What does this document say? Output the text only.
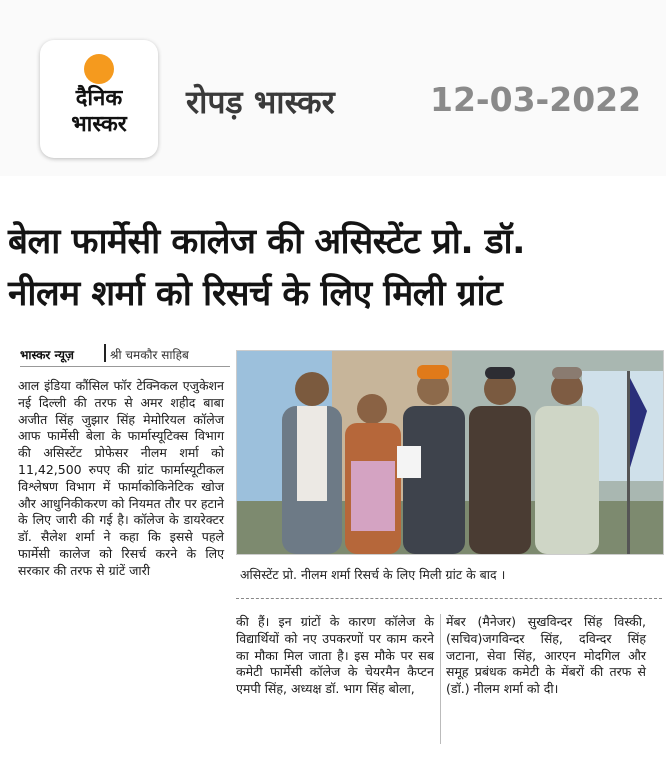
दैनिक
भास्कर
रोपड़ भास्कर	12-03-2022
बेला फार्मेसी कालेज की असिस्टेंट प्रो. डॉ.
नीलम शर्मा को रिसर्च के लिए मिली ग्रांट
भास्कर न्यूज़	श्री चमकौर साहिब
आल इंडिया कौंसिल फॉर टेक्निकल एजुकेशन नई दिल्ली की तरफ से अमर शहीद बाबा अजीत सिंह जुझार सिंह मेमोरियल कॉलेज आफ फार्मेसी बेला के फार्मास्यूटिक्स विभाग की असिस्टेंट प्रोफेसर नीलम शर्मा को 11,42,500 रुपए की ग्रांट फार्मास्यूटीकल विश्लेषण विभाग में फार्माकोकिनेटिक खोज और आधुनिकीकरण को नियमत तौर पर हटाने के लिए जारी की गई है। कॉलेज के डायरेक्टर डॉ. सैलेश शर्मा ने कहा कि इससे पहले फार्मेसी कालेज को रिसर्च करने के लिए सरकार की तरफ से ग्रांटें जारी	असिस्टेंट प्रो. नीलम शर्मा रिसर्च के लिए मिली ग्रांट के बाद ।
की हैं। इन ग्रांटों के कारण कॉलेज के विद्यार्थियों को नए उपकरणों पर काम करने का मौका मिल जाता है। इस मौके पर सब कमेटी फार्मेसी कॉलेज के चेयरमैन कैप्टन एमपी सिंह, अध्यक्ष डॉ. भाग सिंह बोला,
मेंबर (मैनेजर) सुखविन्दर सिंह विस्की, (सचिव)जगविन्दर सिंह, दविन्दर सिंह जटाना, सेवा सिंह, आरएन मोदगिल और समूह प्रबंधक कमेटी के मेंबरों की तरफ से (डॉ.) नीलम शर्मा को दी।
